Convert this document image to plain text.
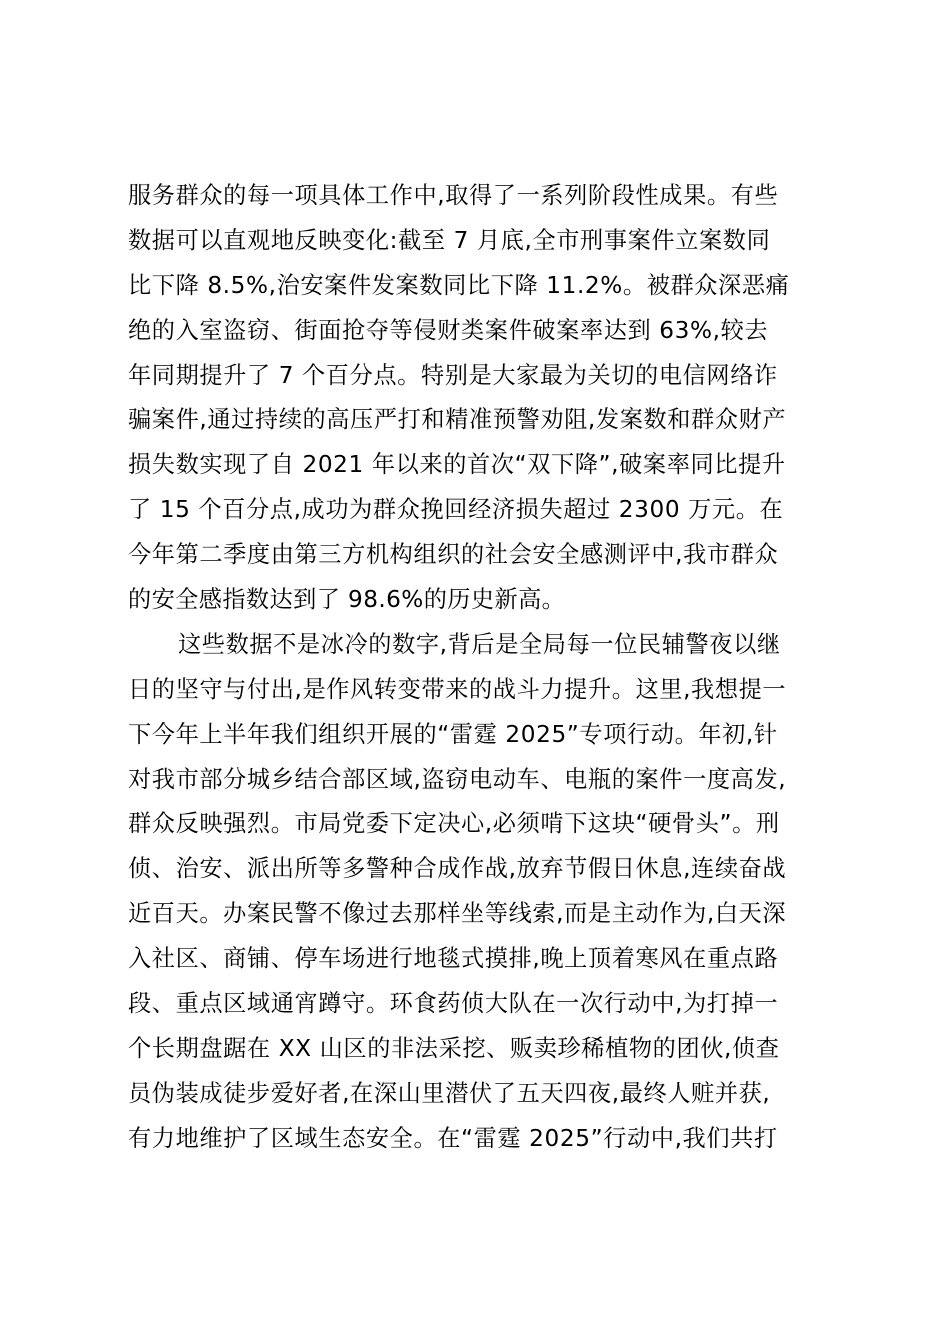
服务群众的每一项具体工作中,取得了一系列阶段性成果。有些
数据可以直观地反映变化:截至 7 月底,全市刑事案件立案数同
比下降 8.5%,治安案件发案数同比下降 11.2%。被群众深恶痛
绝的入室盗窃、街面抢夺等侵财类案件破案率达到 63%,较去
年同期提升了 7 个百分点。特别是大家最为关切的电信网络诈
骗案件,通过持续的高压严打和精准预警劝阻,发案数和群众财产
损失数实现了自 2021 年以来的首次“双下降”,破案率同比提升
了 15 个百分点,成功为群众挽回经济损失超过 2300 万元。在
今年第二季度由第三方机构组织的社会安全感测评中,我市群众
的安全感指数达到了 98.6%的历史新高。
这些数据不是冰冷的数字,背后是全局每一位民辅警夜以继
日的坚守与付出,是作风转变带来的战斗力提升。这里,我想提一
下今年上半年我们组织开展的“雷霆 2025”专项行动。年初,针
对我市部分城乡结合部区域,盗窃电动车、电瓶的案件一度高发,
群众反映强烈。市局党委下定决心,必须啃下这块“硬骨头”。刑
侦、治安、派出所等多警种合成作战,放弃节假日休息,连续奋战
近百天。办案民警不像过去那样坐等线索,而是主动作为,白天深
入社区、商铺、停车场进行地毯式摸排,晚上顶着寒风在重点路
段、重点区域通宵蹲守。环食药侦大队在一次行动中,为打掉一
个长期盘踞在 XX 山区的非法采挖、贩卖珍稀植物的团伙,侦查
员伪装成徒步爱好者,在深山里潜伏了五天四夜,最终人赃并获,
有力地维护了区域生态安全。在“雷霆 2025”行动中,我们共打
